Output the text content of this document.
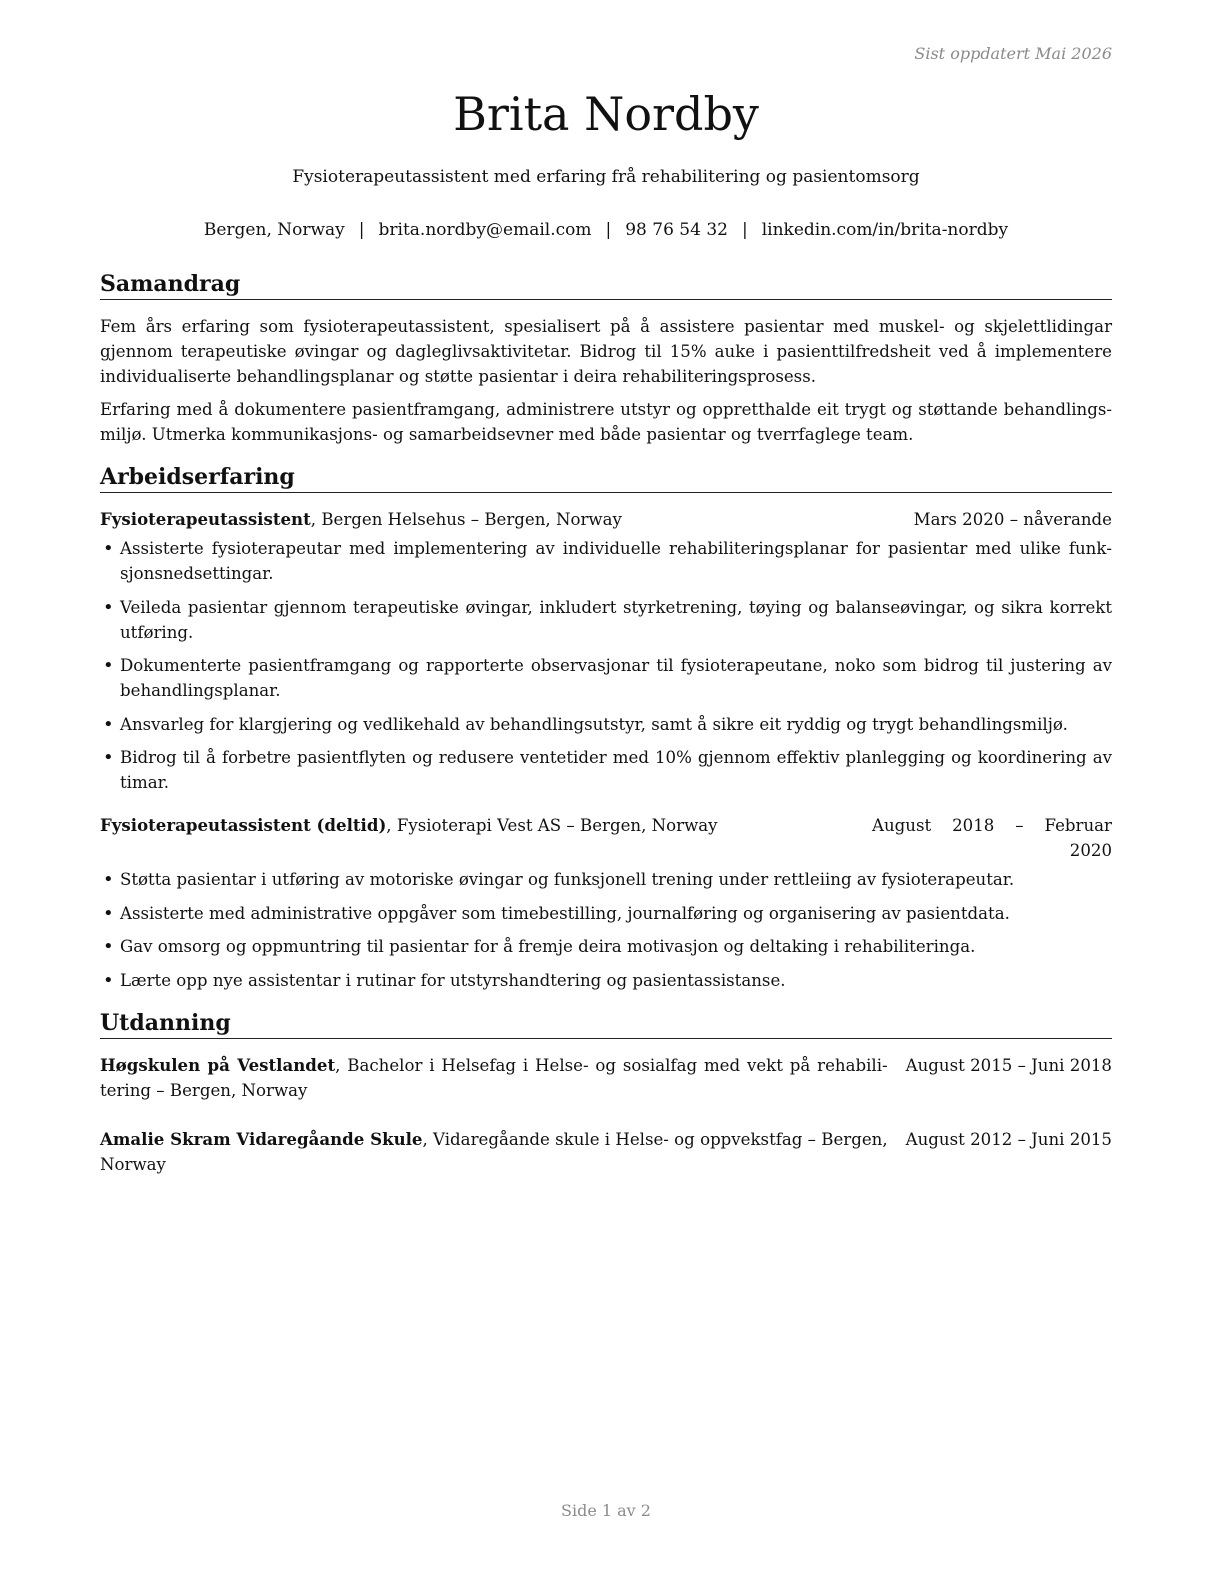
Sist oppdatert Mai 2026
Brita Nordby
Fysioterapeutassistent med erfaring frå rehabilitering og pasientomsorg
Bergen, Norway | brita.nordby@email.com | 98 76 54 32 | linkedin.com/in/brita-nordby
Samandrag

Fem års erfaring som fysioterapeutassistent, spesialisert på å assistere pasientar med muskel- og skjelettlidingar gjennom terapeutiske øvingar og dagleglivsaktivitetar. Bidrog til 15% auke i pasienttilfredsheit ved å implementere individualiserte behandlingsplanar og støtte pasientar i deira rehabiliteringsprosess.

Erfaring med å dokumentere pasientframgang, administrere utstyr og oppretthalde eit trygt og støttande behandlingsmiljø. Utmerka kommunikasjons- og samarbeidsevner med både pasientar og tverrfaglege team.

Arbeidserfaring
Fysioterapeutassistent, Bergen Helsehus – Bergen, Norway	Mars 2020 – nåverande
• Assisterte fysioterapeutar med implementering av individuelle rehabiliteringsplanar for pasientar med ulike funksjonsnedsettingar.
• Veileda pasientar gjennom terapeutiske øvingar, inkludert styrketrening, tøying og balanseøvingar, og sikra korrekt utføring.
• Dokumenterte pasientframgang og rapporterte observasjonar til fysioterapeutane, noko som bidrog til justering av behandlingsplanar.
• Ansvarleg for klargjering og vedlikehald av behandlingsutstyr, samt å sikre eit ryddig og trygt behandlingsmiljø.
• Bidrog til å forbetre pasientflyten og redusere ventetider med 10% gjennom effektiv planlegging og koordinering av timar.
Fysioterapeutassistent (deltid), Fysioterapi Vest AS – Bergen, Norway	August 2018 – Februar 2020
• Støtta pasientar i utføring av motoriske øvingar og funksjonell trening under rettleiing av fysioterapeutar.
• Assisterte med administrative oppgåver som timebestilling, journalføring og organisering av pasientdata.
• Gav omsorg og oppmuntring til pasientar for å fremje deira motivasjon og deltaking i rehabiliteringa.
• Lærte opp nye assistentar i rutinar for utstyrshandtering og pasientassistanse.
Utdanning
Høgskulen på Vestlandet, Bachelor i Helsefag i Helse- og sosialfag med vekt på rehabilitering – Bergen, Norway
August 2015 – Juni 2018
Amalie Skram Vidaregåande Skule, Vidaregåande skule i Helse- og oppvekstfag – Bergen, Norway
August 2012 – Juni 2015
Side 1 av 2
